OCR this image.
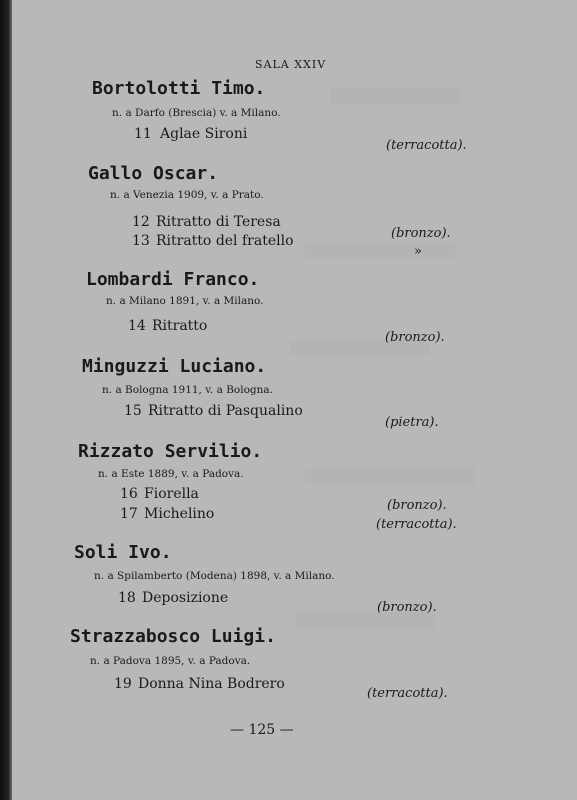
SALA XXIV
Bortolotti Timo.
n. a Darfo (Brescia) v. a Milano.
11 Aglae Sironi
(terracotta).
Gallo Oscar.
n. a Venezia 1909, v. a Prato.
12 Ritratto di Teresa
(bronzo).
13 Ritratto del fratello
»
Lombardi Franco.
n. a Milano 1891, v. a Milano.
14 Ritratto
(bronzo).
Minguzzi Luciano.
n. a Bologna 1911, v. a Bologna.
15 Ritratto di Pasqualino
(pietra).
Rizzato Servilio.
n. a Este 1889, v. a Padova.
16 Fiorella
(bronzo).
17 Michelino
(terracotta).
Soli Ivo.
n. a Spilamberto (Modena) 1898, v. a Milano.
18 Deposizione
(bronzo).
Strazzabosco Luigi.
n. a Padova 1895, v. a Padova.
19 Donna Nina Bodrero
(terracotta).
— 125 —
